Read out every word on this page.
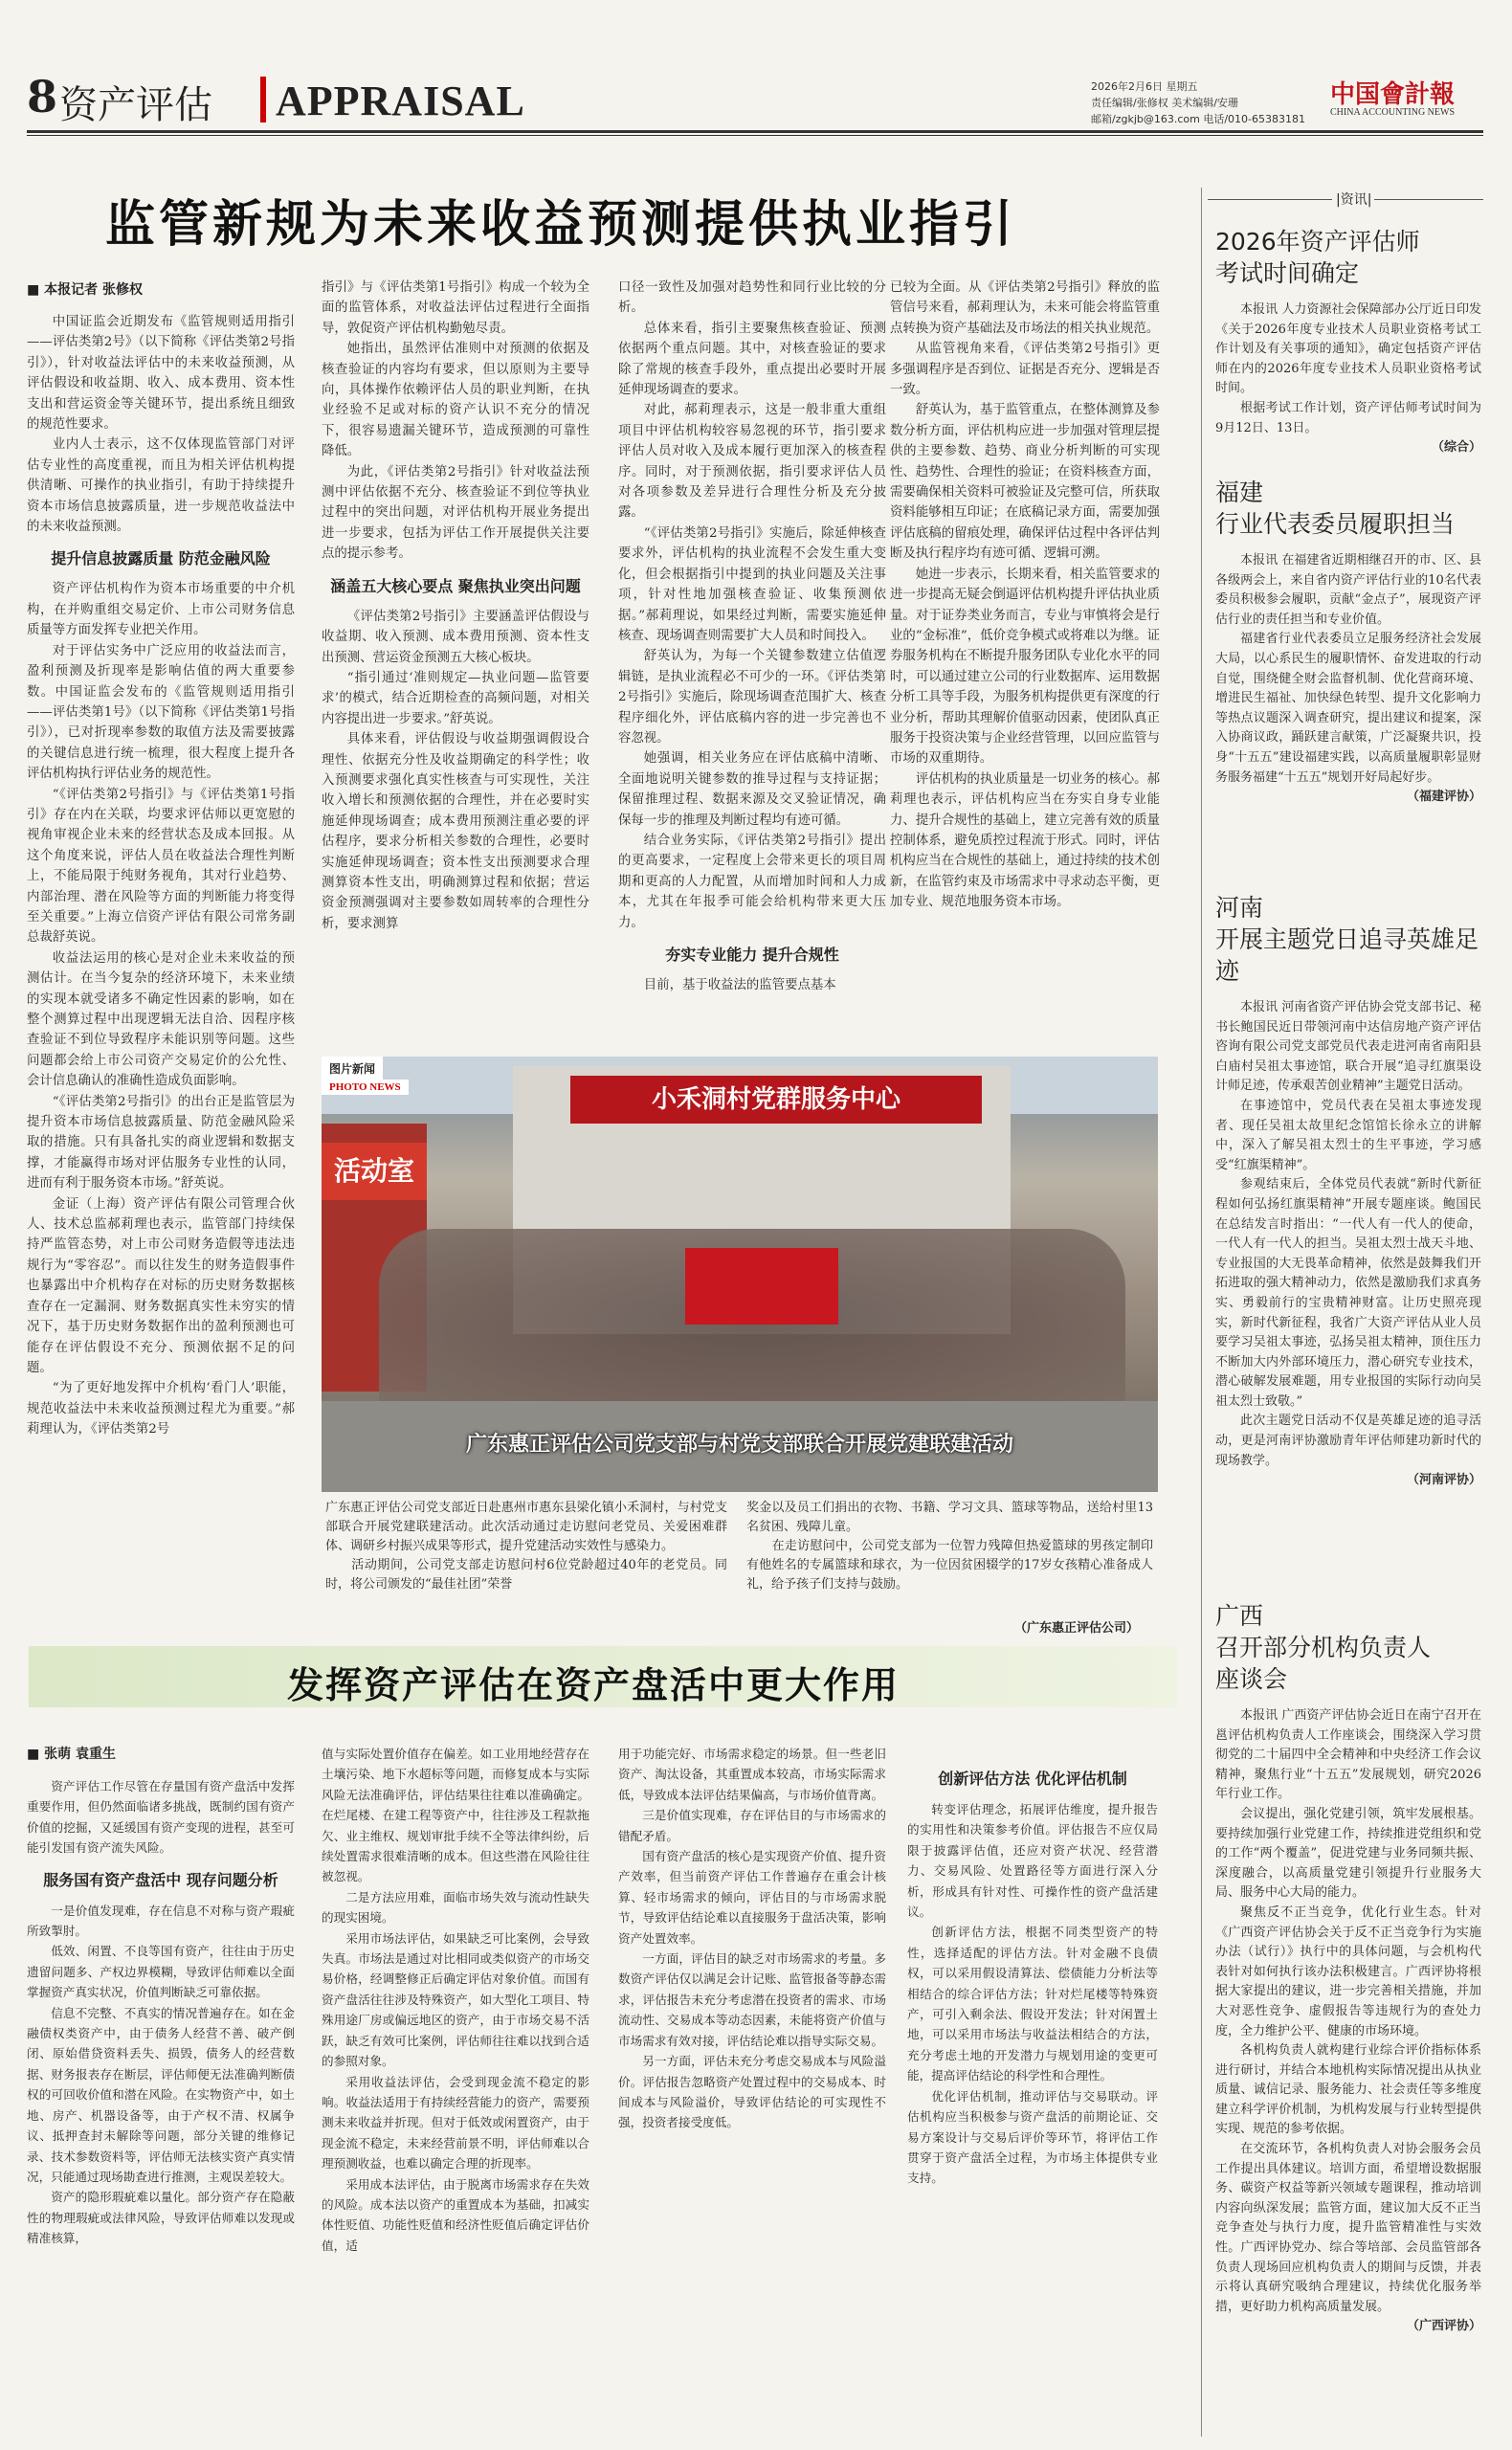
8 资产评估 APPRAISAL	2026年2月6日 星期五
责任编辑/张修权 美术编辑/安珊
邮箱/zgkjb@163.com 电话/010-65383181
中国會計報
CHINA ACCOUNTING NEWS
监管新规为未来收益预测提供执业指引
■ 本报记者 张修权

中国证监会近期发布《监管规则适用指引——评估类第2号》（以下简称《评估类第2号指引》），针对收益法评估中的未来收益预测，从评估假设和收益期、收入、成本费用、资本性支出和营运资金等关键环节，提出系统且细致的规范性要求。

业内人士表示，这不仅体现监管部门对评估专业性的高度重视，而且为相关评估机构提供清晰、可操作的执业指引，有助于持续提升资本市场信息披露质量，进一步规范收益法中的未来收益预测。

提升信息披露质量 防范金融风险

资产评估机构作为资本市场重要的中介机构，在并购重组交易定价、上市公司财务信息质量等方面发挥专业把关作用。

对于评估实务中广泛应用的收益法而言，盈利预测及折现率是影响估值的两大重要参数。中国证监会发布的《监管规则适用指引——评估类第1号》（以下简称《评估类第1号指引》），已对折现率参数的取值方法及需要披露的关键信息进行统一梳理，很大程度上提升各评估机构执行评估业务的规范性。

“《评估类第2号指引》与《评估类第1号指引》存在内在关联，均要求评估师以更宽慰的视角审视企业未来的经营状态及成本回报。从这个角度来说，评估人员在收益法合理性判断上，不能局限于纯财务视角，其对行业趋势、内部治理、潜在风险等方面的判断能力将变得至关重要。”上海立信资产评估有限公司常务副总裁舒英说。

收益法运用的核心是对企业未来收益的预测估计。在当今复杂的经济环境下，未来业绩的实现本就受诸多不确定性因素的影响，如在整个测算过程中出现逻辑无法自洽、因程序核查验证不到位导致程序未能识别等问题。这些问题都会给上市公司资产交易定价的公允性、会计信息确认的准确性造成负面影响。

“《评估类第2号指引》的出台正是监管层为提升资本市场信息披露质量、防范金融风险采取的措施。只有具备扎实的商业逻辑和数据支撑，才能赢得市场对评估服务专业性的认同，进而有利于服务资本市场。”舒英说。

金证（上海）资产评估有限公司管理合伙人、技术总监郝莉理也表示，监管部门持续保持严监管态势，对上市公司财务造假等违法违规行为“零容忍”。而以往发生的财务造假事件也暴露出中介机构存在对标的历史财务数据核查存在一定漏洞、财务数据真实性未穷实的情况下，基于历史财务数据作出的盈利预测也可能存在评估假设不充分、预测依据不足的问题。

“为了更好地发挥中介机构‘看门人’职能，规范收益法中未来收益预测过程尤为重要。”郝莉理认为，《评估类第2号

指引》与《评估类第1号指引》构成一个较为全面的监管体系，对收益法评估过程进行全面指导，敦促资产评估机构勤勉尽责。

她指出，虽然评估准则中对预测的依据及核查验证的内容均有要求，但以原则为主要导向，具体操作依赖评估人员的职业判断，在执业经验不足或对标的资产认识不充分的情况下，很容易遗漏关键环节，造成预测的可靠性降低。

为此，《评估类第2号指引》针对收益法预测中评估依据不充分、核查验证不到位等执业过程中的突出问题，对评估机构开展业务提出进一步要求，包括为评估工作开展提供关注要点的提示参考。

涵盖五大核心要点 聚焦执业突出问题

《评估类第2号指引》主要涵盖评估假设与收益期、收入预测、成本费用预测、资本性支出预测、营运资金预测五大核心板块。

“指引通过‘准则规定—执业问题—监管要求’的模式，结合近期检查的高频问题，对相关内容提出进一步要求。”舒英说。

具体来看，评估假设与收益期强调假设合理性、依据充分性及收益期确定的科学性；收入预测要求强化真实性核查与可实现性，关注收入增长和预测依据的合理性，并在必要时实施延伸现场调查；成本费用预测注重必要的评估程序，要求分析相关参数的合理性，必要时实施延伸现场调查；资本性支出预测要求合理测算资本性支出，明确测算过程和依据；营运资金预测强调对主要参数如周转率的合理性分析，要求测算

口径一致性及加强对趋势性和同行业比较的分析。

总体来看，指引主要聚焦核查验证、预测依据两个重点问题。其中，对核查验证的要求除了常规的核查手段外，重点提出必要时开展延伸现场调查的要求。

对此，郝莉理表示，这是一般非重大重组项目中评估机构较容易忽视的环节，指引要求评估人员对收入及成本履行更加深入的核查程序。同时，对于预测依据，指引要求评估人员对各项参数及差异进行合理性分析及充分披露。

“《评估类第2号指引》实施后，除延伸核查要求外，评估机构的执业流程不会发生重大变化，但会根据指引中提到的执业问题及关注事项，针对性地加强核查验证、收集预测依据。”郝莉理说，如果经过判断，需要实施延伸核查、现场调查则需要扩大人员和时间投入。

舒英认为，为每一个关键参数建立估值逻辑链，是执业流程必不可少的一环。《评估类第2号指引》实施后，除现场调查范围扩大、核查程序细化外，评估底稿内容的进一步完善也不容忽视。

她强调，相关业务应在评估底稿中清晰、全面地说明关键参数的推导过程与支持证据；保留推理过程、数据来源及交叉验证情况，确保每一步的推理及判断过程均有迹可循。

结合业务实际，《评估类第2号指引》提出的更高要求，一定程度上会带来更长的项目周期和更高的人力配置，从而增加时间和人力成本，尤其在年报季可能会给机构带来更大压力。

夯实专业能力 提升合规性

目前，基于收益法的监管要点基本

已较为全面。从《评估类第2号指引》释放的监管信号来看，郝莉理认为，未来可能会将监管重点转换为资产基础法及市场法的相关执业规范。

从监管视角来看，《评估类第2号指引》更多强调程序是否到位、证据是否充分、逻辑是否一致。

舒英认为，基于监管重点，在整体测算及参数分析方面，评估机构应进一步加强对管理层提供的主要参数、趋势、商业分析判断的可实现性、趋势性、合理性的验证；在资料核查方面，需要确保相关资料可被验证及完整可信，所获取资料能够相互印证；在底稿记录方面，需要加强评估底稿的留痕处理，确保评估过程中各评估判断及执行程序均有迹可循、逻辑可溯。

她进一步表示，长期来看，相关监管要求的进一步提高无疑会倒逼评估机构提升评估执业质量。对于证券类业务而言，专业与审慎将会是行业的“金标准”，低价竞争模式或将难以为继。证券服务机构在不断提升服务团队专业化水平的同时，可以通过建立公司的行业数据库、运用数据分析工具等手段，为服务机构提供更有深度的行业分析，帮助其理解价值驱动因素，使团队真正服务于投资决策与企业经营管理，以回应监管与市场的双重期待。

评估机构的执业质量是一切业务的核心。郝莉理也表示，评估机构应当在夯实自身专业能力、提升合规性的基础上，建立完善有效的质量控制体系，避免质控过程流于形式。同时，评估机构应当在合规性的基础上，通过持续的技术创新，在监管约束及市场需求中寻求动态平衡，更加专业、规范地服务资本市场。

小禾洞村党群服务中心
活动室
图片新闻
PHOTO NEWS
广东惠正评估公司党支部与村党支部联合开展党建联建活动
广东惠正评估公司党支部近日赴惠州市惠东县梁化镇小禾洞村，与村党支部联合开展党建联建活动。此次活动通过走访慰问老党员、关爱困难群体、调研乡村振兴成果等形式，提升党建活动实效性与感染力。
　　活动期间，公司党支部走访慰问村6位党龄超过40年的老党员。同时，将公司颁发的“最佳社团”荣誉
奖金以及员工们捐出的衣物、书籍、学习文具、篮球等物品，送给村里13名贫困、残障儿童。
　　在走访慰问中，公司党支部为一位智力残障但热爱篮球的男孩定制印有他姓名的专属篮球和球衣，为一位因贫困辍学的17岁女孩精心准备成人礼，给予孩子们支持与鼓励。
（广东惠正评估公司）
发挥资产评估在资产盘活中更大作用
■ 张萌 袁重生

资产评估工作尽管在存量国有资产盘活中发挥重要作用，但仍然面临诸多挑战，既制约国有资产价值的挖掘，又延缓国有资产变现的进程，甚至可能引发国有资产流失风险。

服务国有资产盘活中 现存问题分析

一是价值发现难，存在信息不对称与资产瑕疵所致掣肘。

低效、闲置、不良等国有资产，往往由于历史遗留问题多、产权边界模糊，导致评估师难以全面掌握资产真实状况，价值判断缺乏可靠依据。

信息不完整、不真实的情况普遍存在。如在金融债权类资产中，由于债务人经营不善、破产倒闭、原始借贷资料丢失、损毁，债务人的经营数据、财务报表存在断层，评估师便无法准确判断债权的可回收价值和潜在风险。在实物资产中，如土地、房产、机器设备等，由于产权不清、权属争议、抵押查封未解除等问题，部分关键的维修记录、技术参数资料等，评估师无法核实资产真实情况，只能通过现场勘查进行推测，主观误差较大。

资产的隐形瑕疵难以量化。部分资产存在隐蔽性的物理瑕疵或法律风险，导致评估师难以发现或精准核算，

值与实际处置价值存在偏差。如工业用地经营存在土壤污染、地下水超标等问题，而修复成本与实际风险无法准确评估，评估结果往往难以准确确定。在烂尾楼、在建工程等资产中，往往涉及工程款拖欠、业主维权、规划审批手续不全等法律纠纷，后续处置需求很难清晰的成本。但这些潜在风险往往被忽视。

二是方法应用难，面临市场失效与流动性缺失的现实困境。

采用市场法评估，如果缺乏可比案例，会导致失真。市场法是通过对比相同或类似资产的市场交易价格，经调整修正后确定评估对象价值。而国有资产盘活往往涉及特殊资产，如大型化工项目、特殊用途厂房或偏远地区的资产，由于市场交易不活跃，缺乏有效可比案例，评估师往往难以找到合适的参照对象。

采用收益法评估，会受到现金流不稳定的影响。收益法适用于有持续经营能力的资产，需要预测未来收益并折现。但对于低效或闲置资产，由于现金流不稳定，未来经营前景不明，评估师难以合理预测收益，也难以确定合理的折现率。

采用成本法评估，由于脱离市场需求存在失效的风险。成本法以资产的重置成本为基础，扣减实体性贬值、功能性贬值和经济性贬值后确定评估价值，适

用于功能完好、市场需求稳定的场景。但一些老旧资产、淘汰设备，其重置成本较高，市场实际需求低，导致成本法评估结果偏高，与市场价值背离。

三是价值实现难，存在评估目的与市场需求的错配矛盾。

国有资产盘活的核心是实现资产价值、提升资产效率，但当前资产评估工作普遍存在重会计核算、轻市场需求的倾向，评估目的与市场需求脱节，导致评估结论难以直接服务于盘活决策，影响资产处置效率。

一方面，评估目的缺乏对市场需求的考量。多数资产评估仅以满足会计记账、监管报备等静态需求，评估报告未充分考虑潜在投资者的需求、市场流动性、交易成本等动态因素，未能将资产价值与市场需求有效对接，评估结论难以指导实际交易。

另一方面，评估未充分考虑交易成本与风险溢价。评估报告忽略资产处置过程中的交易成本、时间成本与风险溢价，导致评估结论的可实现性不强，投资者接受度低。

创新评估方法 优化评估机制

转变评估理念，拓展评估维度，提升报告的实用性和决策参考价值。评估报告不应仅局限于披露评估值，还应对资产状况、经营潜力、交易风险、处置路径等方面进行深入分析，形成具有针对性、可操作性的资产盘活建议。

创新评估方法，根据不同类型资产的特性，选择适配的评估方法。针对金融不良债权，可以采用假设清算法、偿债能力分析法等相结合的综合评估方法；针对烂尾楼等特殊资产，可引入剩余法、假设开发法；针对闲置土地，可以采用市场法与收益法相结合的方法，充分考虑土地的开发潜力与规划用途的变更可能，提高评估结论的科学性和合理性。

优化评估机制，推动评估与交易联动。评估机构应当积极参与资产盘活的前期论证、交易方案设计与交易后评价等环节，将评估工作贯穿于资产盘活全过程，为市场主体提供专业支持。

|资讯|
2026年资产评估师
考试时间确定

本报讯 人力资源社会保障部办公厅近日印发《关于2026年度专业技术人员职业资格考试工作计划及有关事项的通知》，确定包括资产评估师在内的2026年度专业技术人员职业资格考试时间。

根据考试工作计划，资产评估师考试时间为9月12日、13日。

（综合）
福建
行业代表委员履职担当

本报讯 在福建省近期相继召开的市、区、县各级两会上，来自省内资产评估行业的10名代表委员积极参会履职，贡献“金点子”，展现资产评估行业的责任担当和专业价值。

福建省行业代表委员立足服务经济社会发展大局，以心系民生的履职情怀、奋发进取的行动自觉，围绕健全财会监督机制、优化营商环境、增进民生福祉、加快绿色转型、提升文化影响力等热点议题深入调查研究，提出建议和提案，深入协商议政，踊跃建言献策，广泛凝聚共识，投身“十五五”建设福建实践，以高质量履职彰显财务服务福建“十五五”规划开好局起好步。

（福建评协）
河南
开展主题党日追寻英雄足迹

本报讯 河南省资产评估协会党支部书记、秘书长鲍国民近日带领河南中达信房地产资产评估咨询有限公司党支部党员代表走进河南省南阳县白庙村吴祖太事迹馆，联合开展“追寻红旗渠设计师足迹，传承艰苦创业精神”主题党日活动。

在事迹馆中，党员代表在吴祖太事迹发现者、现任吴祖太故里纪念馆馆长徐永立的讲解中，深入了解吴祖太烈士的生平事迹，学习感受“红旗渠精神”。

参观结束后，全体党员代表就“新时代新征程如何弘扬红旗渠精神”开展专题座谈。鲍国民在总结发言时指出：“一代人有一代人的使命，一代人有一代人的担当。吴祖太烈士战天斗地、专业报国的大无畏革命精神，依然是鼓舞我们开拓进取的强大精神动力，依然是激励我们求真务实、勇毅前行的宝贵精神财富。让历史照亮现实，新时代新征程，我省广大资产评估从业人员要学习吴祖太事迹，弘扬吴祖太精神，顶住压力不断加大内外部环境压力，潜心研究专业技术，潜心破解发展难题，用专业报国的实际行动向吴祖太烈士致敬。”

此次主题党日活动不仅是英雄足迹的追寻活动，更是河南评协激励青年评估师建功新时代的现场教学。

（河南评协）
广西
召开部分机构负责人
座谈会

本报讯 广西资产评估协会近日在南宁召开在邕评估机构负责人工作座谈会，围绕深入学习贯彻党的二十届四中全会精神和中央经济工作会议精神，聚焦行业“十五五”发展规划，研究2026年行业工作。

会议提出，强化党建引领，筑牢发展根基。要持续加强行业党建工作，持续推进党组织和党的工作“两个覆盖”，促进党建与业务同频共振、深度融合，以高质量党建引领提升行业服务大局、服务中心大局的能力。

聚焦反不正当竞争，优化行业生态。针对《广西资产评估协会关于反不正当竞争行为实施办法（试行）》执行中的具体问题，与会机构代表针对如何执行该办法积极建言。广西评协将根据大家提出的建议，进一步完善相关措施，并加大对恶性竞争、虚假报告等违规行为的查处力度，全力维护公平、健康的市场环境。

各机构负责人就构建行业综合评价指标体系进行研讨，并结合本地机构实际情况提出从执业质量、诚信记录、服务能力、社会责任等多维度建立科学评价机制，为机构发展与行业转型提供实现、规范的参考依据。

在交流环节，各机构负责人对协会服务会员工作提出具体建议。培训方面，希望增设数据服务、碳资产权益等新兴领域专题课程，推动培训内容向纵深发展；监管方面，建议加大反不正当竞争查处与执行力度，提升监管精准性与实效性。广西评协党办、综合等培部、会员监管部各负责人现场回应机构负责人的期间与反馈，并表示将认真研究吸纳合理建议，持续优化服务举措，更好助力机构高质量发展。

（广西评协）
